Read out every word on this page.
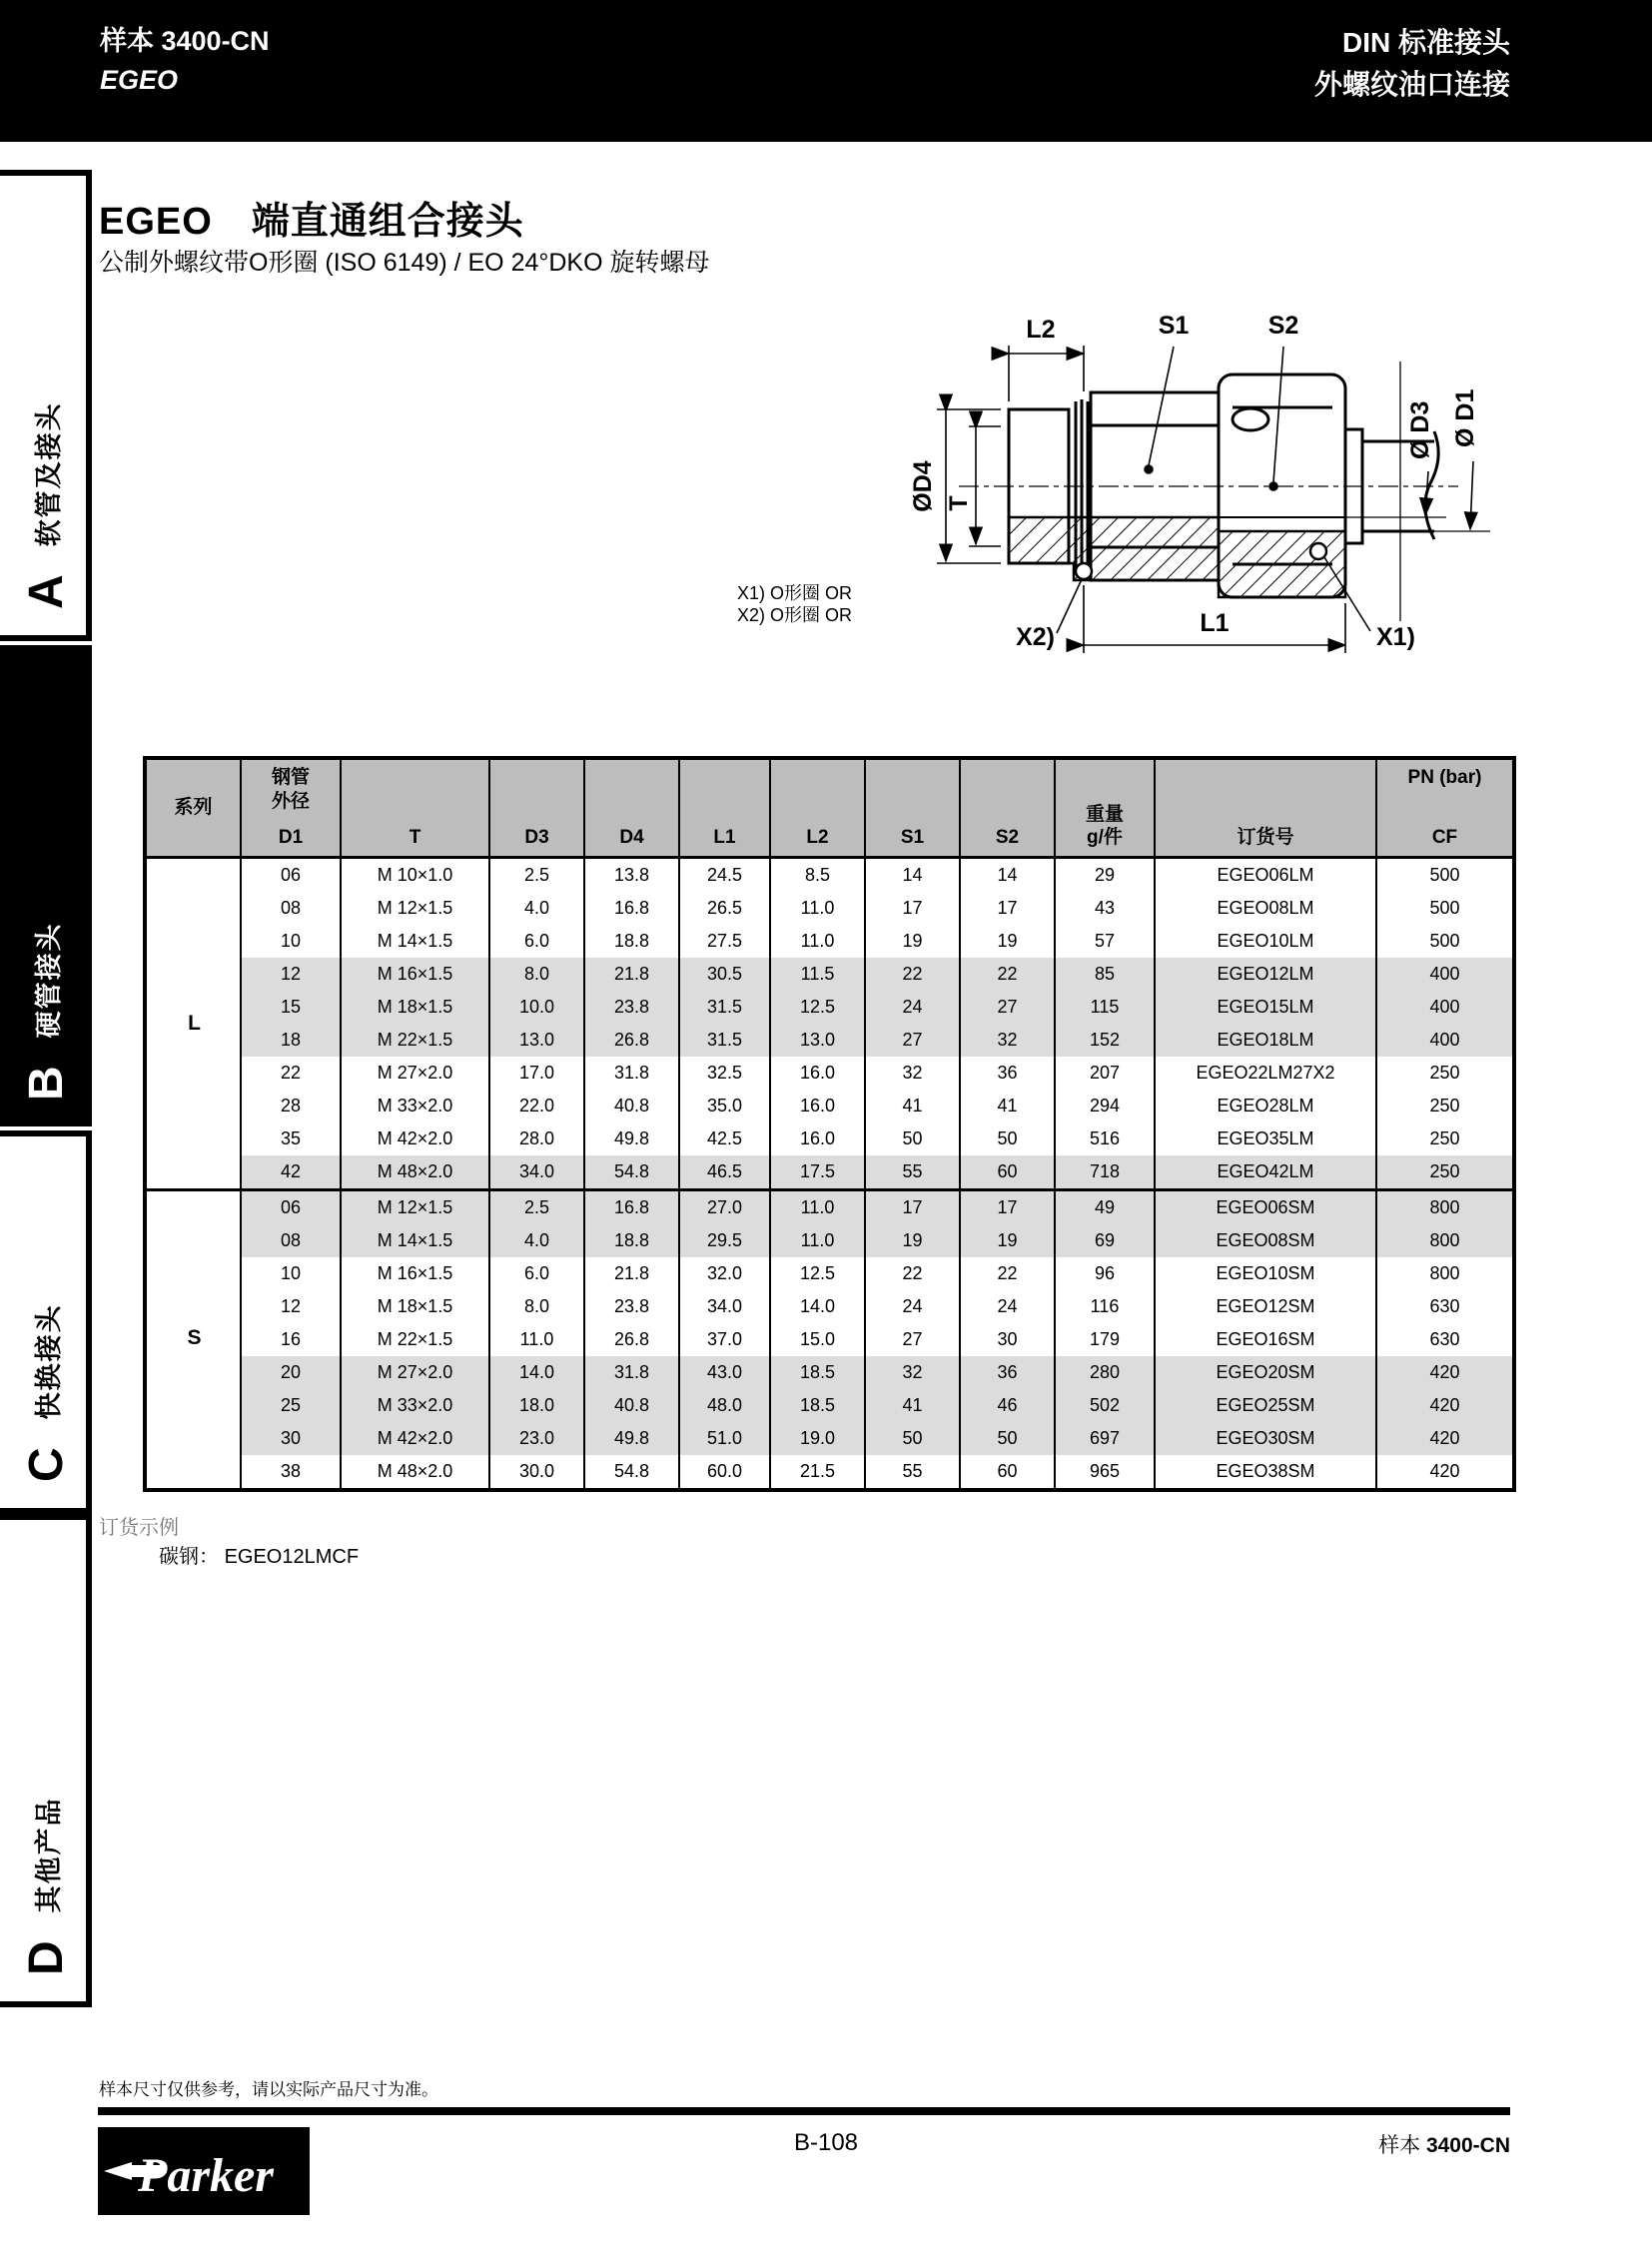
样本 3400-CN
EGEO
DIN 标准接头
外螺纹油口连接
A
软管及接头
B
硬管接头
C
快换接头
D
其他产品
EGEO　端直通组合接头
公制外螺纹带O形圈 (ISO 6149) / EO 24°DKO 旋转螺母
L2	S1	S2
ØD4 T
Ø D3 Ø D1
L1
X2)	X1)
X1) O形圈 OR
X2) O形圈 OR
系列
钢管
外径
D1	T	D3	D4	L1	L2	S1	S2
重量
g/件	订货号
PN (bar)
CF
06	M 10×1.0	2.5	13.8	24.5	8.5	14	14	29	EGEO06LM	500
08	M 12×1.5	4.0	16.8	26.5	11.0	17	17	43	EGEO08LM	500
10	M 14×1.5	6.0	18.8	27.5	11.0	19	19	57	EGEO10LM	500
12	M 16×1.5	8.0	21.8	30.5	11.5	22	22	85	EGEO12LM	400
15	M 18×1.5	10.0	23.8	31.5	12.5	24	27	115	EGEO15LM	400
18	M 22×1.5	13.0	26.8	31.5	13.0	27	32	152	EGEO18LM	400
22	M 27×2.0	17.0	31.8	32.5	16.0	32	36	207	EGEO22LM27X2	250
28	M 33×2.0	22.0	40.8	35.0	16.0	41	41	294	EGEO28LM	250
35	M 42×2.0	28.0	49.8	42.5	16.0	50	50	516	EGEO35LM	250
42	M 48×2.0	34.0	54.8	46.5	17.5	55	60	718	EGEO42LM	250
L
06	M 12×1.5	2.5	16.8	27.0	11.0	17	17	49	EGEO06SM	800
08	M 14×1.5	4.0	18.8	29.5	11.0	19	19	69	EGEO08SM	800
10	M 16×1.5	6.0	21.8	32.0	12.5	22	22	96	EGEO10SM	800
12	M 18×1.5	8.0	23.8	34.0	14.0	24	24	116	EGEO12SM	630
16	M 22×1.5	11.0	26.8	37.0	15.0	27	30	179	EGEO16SM	630
20	M 27×2.0	14.0	31.8	43.0	18.5	32	36	280	EGEO20SM	420
25	M 33×2.0	18.0	40.8	48.0	18.5	41	46	502	EGEO25SM	420
30	M 42×2.0	23.0	49.8	51.0	19.0	50	50	697	EGEO30SM	420
38	M 48×2.0	30.0	54.8	60.0	21.5	55	60	965	EGEO38SM	420
S
订货示例
碳钢： EGEO12LMCF
样本尺寸仅供参考，请以实际产品尺寸为准。
B-108	样本 3400-CN
Parker
